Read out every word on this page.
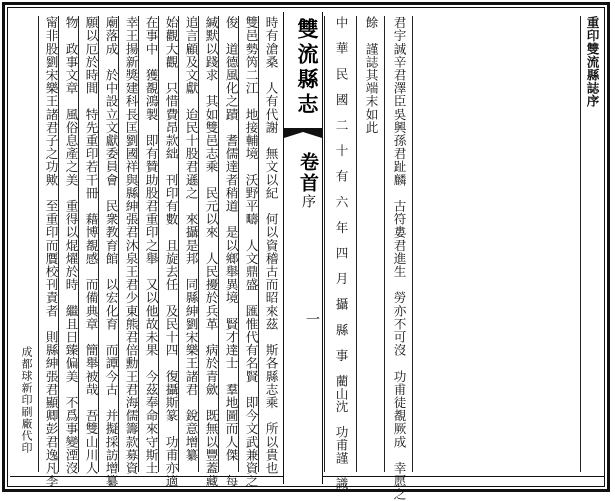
成都球新印刷廠代印 甯非股劉宋樂王諸君子之功歟　至重印而贋校刊責者　則縣紳張君顯卿彭君逸凡李 物　政事文章　風俗息產之美　重得以焜燿於時　繼且日臻偏美　不爲事變湮沒 願以厄於時間　特先重印若干冊　藉博覩感　而備典章　簡舉被哉　吾雙山川人 廟落成　於中設立文獻委員會　民衆教育館　以宏化育　而譚今古　并擬採訪增纂 幸王揚新獎建科長匡劉國祥與縣紳張君沐泉王君少東熊君倍勳王君海儒籌款募資 在事中　獲覩鴻製　即有贊助股君重印之舉　又以他故未果　今茲奉命來守斯土 始觀大觀　只惜費昂款絀　刊印有數　且旋去任　及民十四　復攝斯篆　功甫亦適 追言顧及文獻　迨民十股君遜之　來攝是邦　同縣紳劉宋樂王諸君　銳意增纂 緘默以踐求　其如雙邑志乘　民元以來　人民擾於兵革　病於青歛　既無以豐蓋藏 俊　道德風化之蹟　耆儒達者稍道　是以鄉舉異境　賢才達士　羣地圖而人傑　每 雙邑勢笍二江　地接輔境　沃野平疇　人文鼎盛　匯惟代有名賢　即今文武兼資之 時有滄桑　人有代謝　無文以紀　何以資稽古而昭來茲　斯各縣志乘　所以貴也 雙流縣志
卷首序
一	中　華　民　國　二　十　有　六　年　四　月　攝　縣　事　藺山沈　功甫謹　識	餘　謹誌其端末如此	君宇誠辛君澤臣吳興孫君趾麟　古符婁君進生　勞亦不可沒　功甫徒覩厥成　幸愿之	重印雙流縣誌序
